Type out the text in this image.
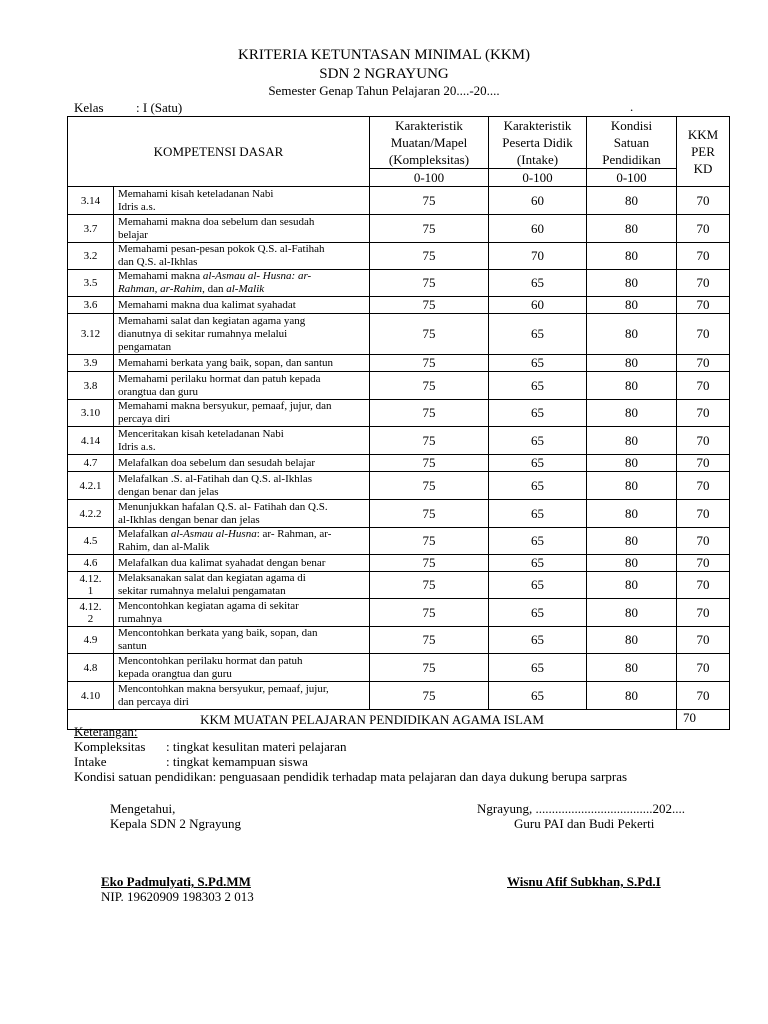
KRITERIA KETUNTASAN MINIMAL (KKM)
SDN 2 NGRAYUNG
Semester Genap Tahun Pelajaran 20....-20....
Kelas : I (Satu)	.
KOMPETENSI DASAR		Karakteristik
Muatan/Mapel
(Kompleksitas)	Karakteristik
Peserta Didik
(Intake)	Kondisi
Satuan
Pendidikan	KKM
PER
KD
		0-100	0-100	0-100	
3.14	Memahami kisah keteladanan Nabi
Idris a.s.	75	60	80	70
3.7	Memahami makna doa sebelum dan sesudah
belajar	75	60	80	70
3.2	Memahami pesan-pesan pokok Q.S. al-Fatihah
dan Q.S. al-Ikhlas	75	70	80	70
3.5	Memahami makna al-Asmau al- Husna: ar-
Rahman, ar-Rahim, dan al-Malik	75	65	80	70
3.6	Memahami makna dua kalimat syahadat	75	60	80	70
3.12	Memahami salat dan kegiatan agama yang
dianutnya di sekitar rumahnya melalui
pengamatan	75	65	80	70
3.9	Memahami berkata yang baik, sopan, dan santun	75	65	80	70
3.8	Memahami perilaku hormat dan patuh kepada
orangtua dan guru	75	65	80	70
3.10	Memahami makna bersyukur, pemaaf, jujur, dan
percaya diri	75	65	80	70
4.14	Menceritakan kisah keteladanan Nabi
Idris a.s.	75	65	80	70
4.7	Melafalkan doa sebelum dan sesudah belajar	75	65	80	70
4.2.1	Melafalkan .S. al-Fatihah dan Q.S. al-Ikhlas
dengan benar dan jelas	75	65	80	70
4.2.2	Menunjukkan hafalan Q.S. al- Fatihah dan Q.S.
al-Ikhlas dengan benar dan jelas	75	65	80	70
4.5	Melafalkan al-Asmau al-Husna: ar- Rahman, ar-
Rahim, dan al-Malik	75	65	80	70
4.6	Melafalkan dua kalimat syahadat dengan benar	75	65	80	70
4.12.
1	Melaksanakan salat dan kegiatan agama di
sekitar rumahnya melalui pengamatan	75	65	80	70
4.12.
2	Mencontohkan kegiatan agama di sekitar
rumahnya	75	65	80	70
4.9	Mencontohkan berkata yang baik, sopan, dan
santun	75	65	80	70
4.8	Mencontohkan perilaku hormat dan patuh
kepada orangtua dan guru	75	65	80	70
4.10	Mencontohkan makna bersyukur, pemaaf, jujur,
dan percaya diri	75	65	80	70
KKM MUATAN PELAJARAN PENDIDIKAN AGAMA ISLAM					70
Keterangan:
Kompleksitas : tingkat kesulitan materi pelajaran
Intake	: tingkat kemampuan siswa
Kondisi satuan pendidikan: penguasaan pendidik terhadap mata pelajaran dan daya dukung berupa sarpras
Mengetahui,
Kepala SDN 2 Ngrayung
Eko Padmulyati, S.Pd.MM
NIP. 19620909 198303 2 013
Ngrayung, ....................................202....
Guru PAI dan Budi Pekerti
Wisnu Afif Subkhan, S.Pd.I
